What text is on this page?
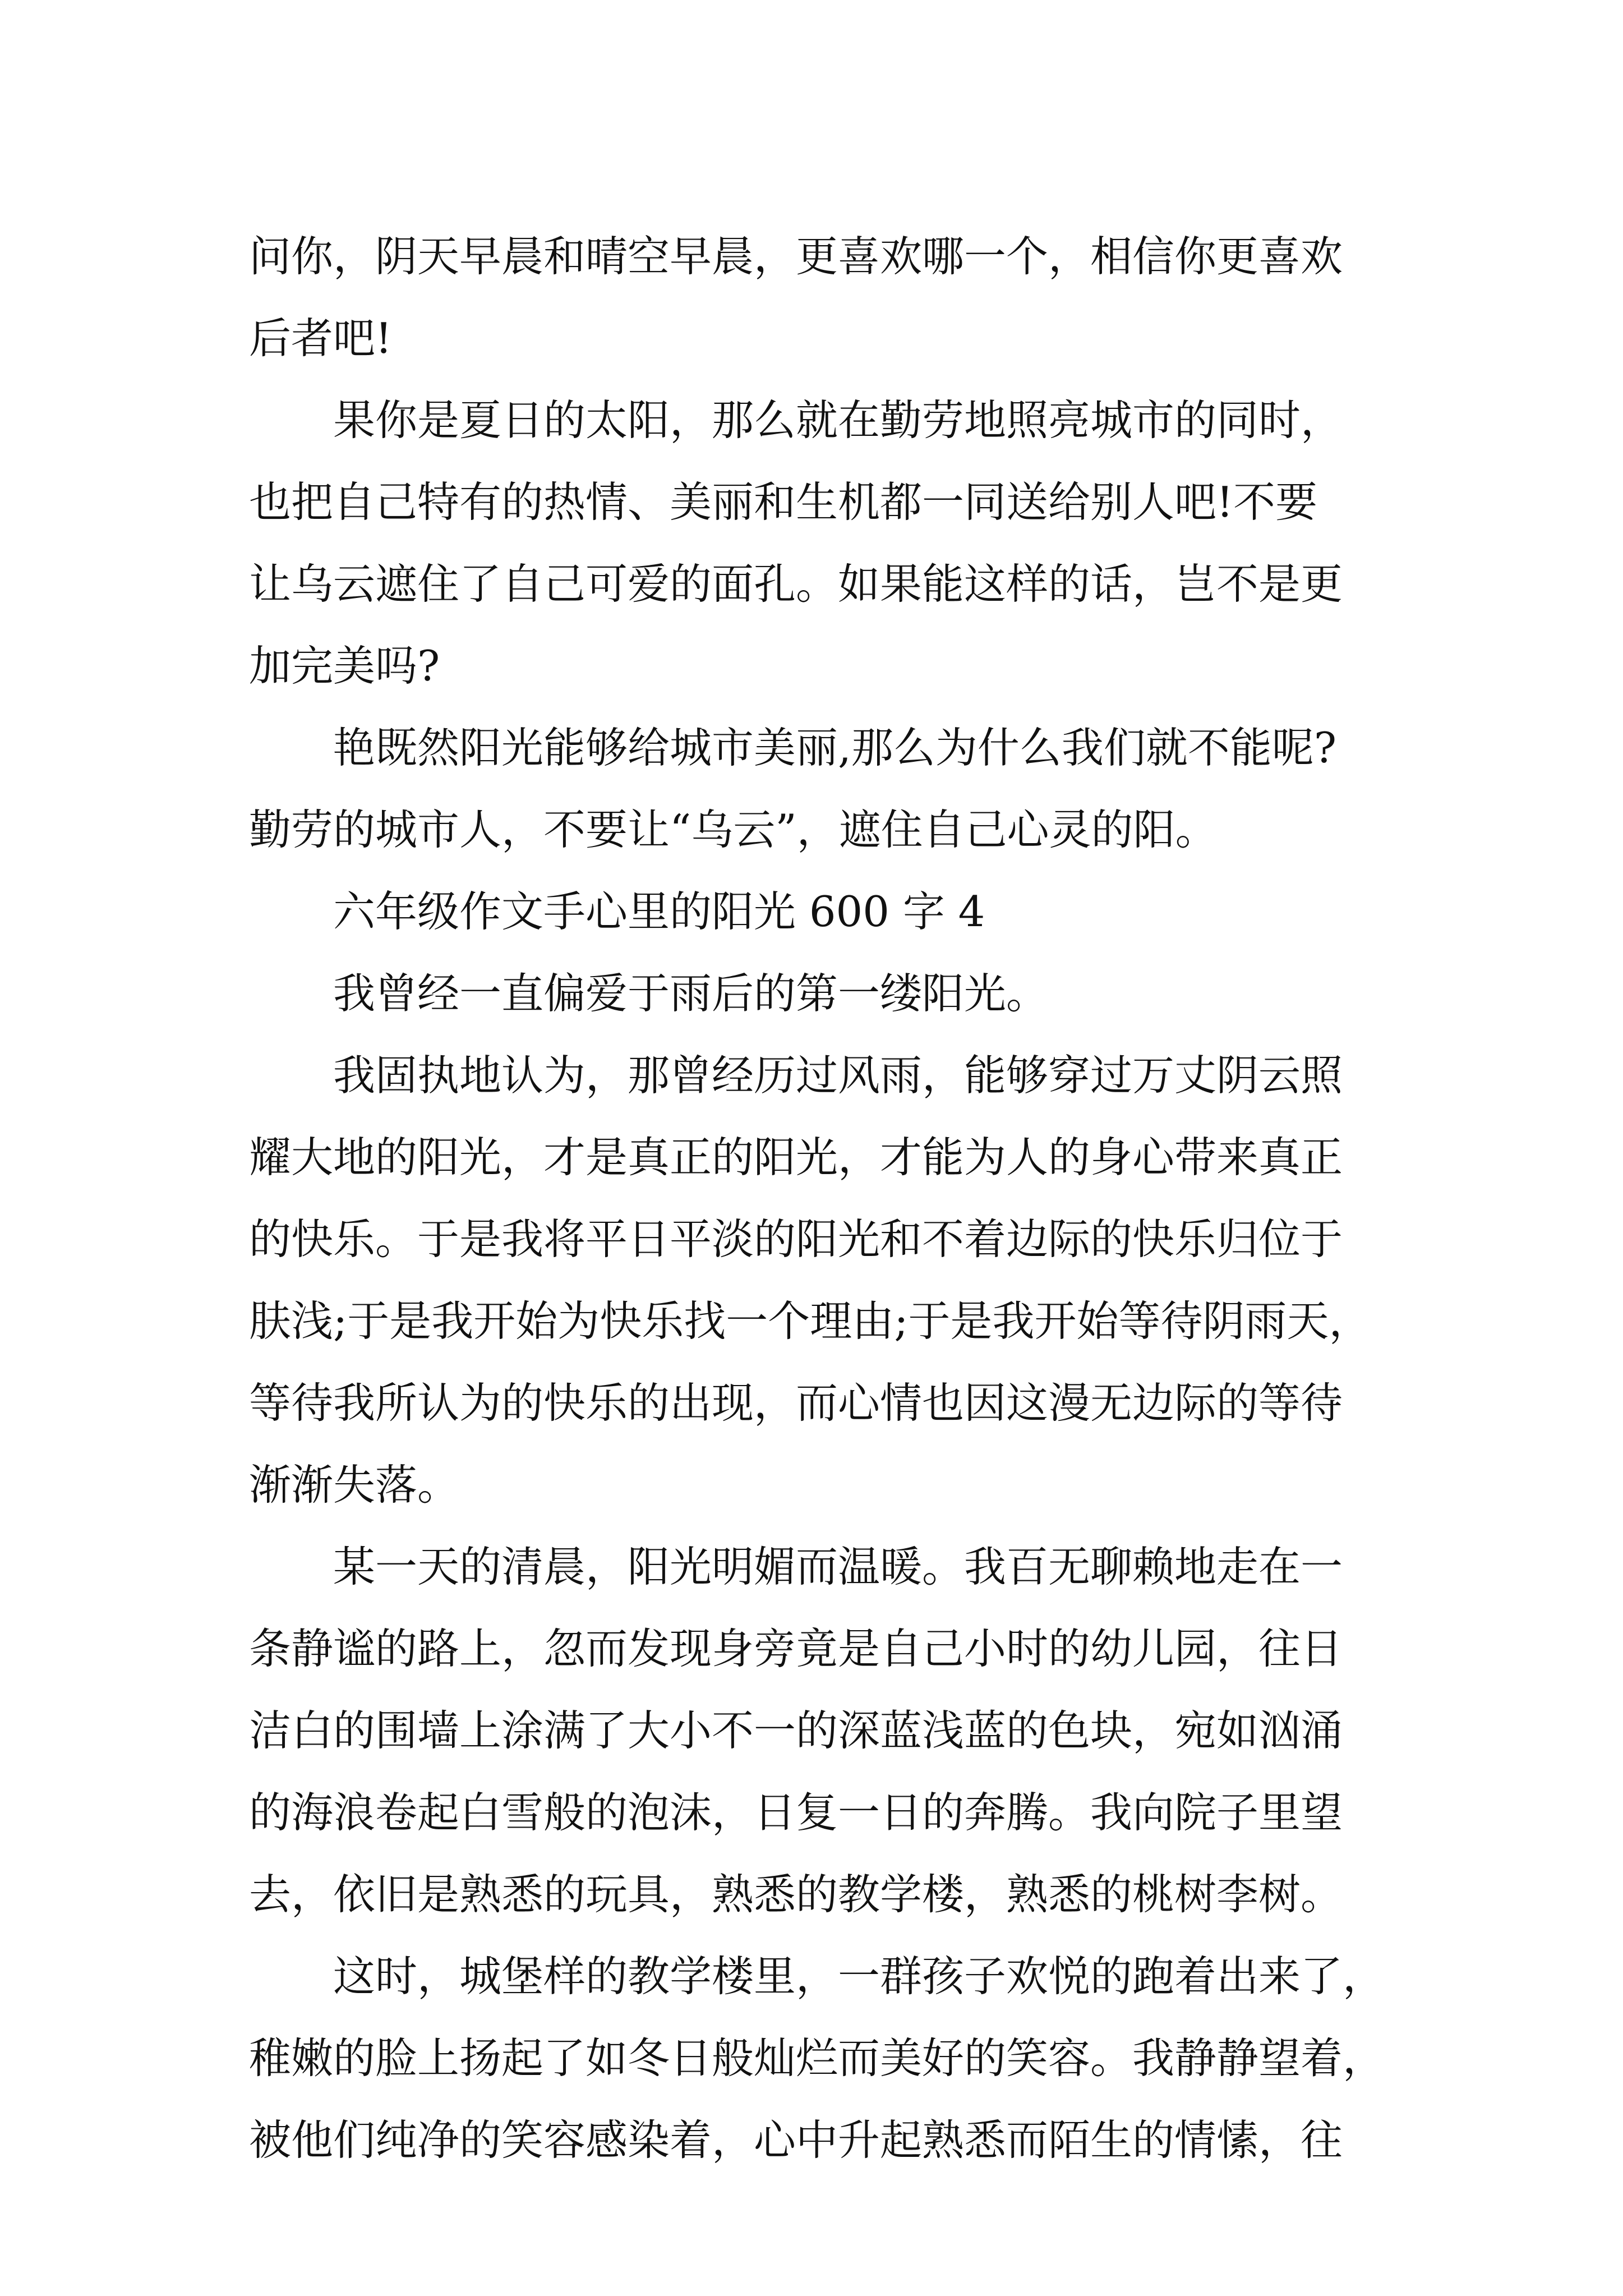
问你，阴天早晨和晴空早晨，更喜欢哪一个，相信你更喜欢
后者吧!
　　果你是夏日的太阳，那么就在勤劳地照亮城市的同时，
也把自己特有的热情、美丽和生机都一同送给别人吧!不要
让乌云遮住了自己可爱的面孔。如果能这样的话，岂不是更
加完美吗?
　　艳既然阳光能够给城市美丽,那么为什么我们就不能呢?
勤劳的城市人，不要让“乌云”，遮住自己心灵的阳。
　　六年级作文手心里的阳光 600 字 4
　　我曾经一直偏爱于雨后的第一缕阳光。
　　我固执地认为，那曾经历过风雨，能够穿过万丈阴云照
耀大地的阳光，才是真正的阳光，才能为人的身心带来真正
的快乐。于是我将平日平淡的阳光和不着边际的快乐归位于
肤浅;于是我开始为快乐找一个理由;于是我开始等待阴雨天，
等待我所认为的快乐的出现，而心情也因这漫无边际的等待
渐渐失落。
　　某一天的清晨，阳光明媚而温暖。我百无聊赖地走在一
条静谧的路上，忽而发现身旁竟是自己小时的幼儿园，往日
洁白的围墙上涂满了大小不一的深蓝浅蓝的色块，宛如汹涌
的海浪卷起白雪般的泡沫，日复一日的奔腾。我向院子里望
去，依旧是熟悉的玩具，熟悉的教学楼，熟悉的桃树李树。
　　这时，城堡样的教学楼里，一群孩子欢悦的跑着出来了，
稚嫩的脸上扬起了如冬日般灿烂而美好的笑容。我静静望着，
被他们纯净的笑容感染着，心中升起熟悉而陌生的情愫，往
